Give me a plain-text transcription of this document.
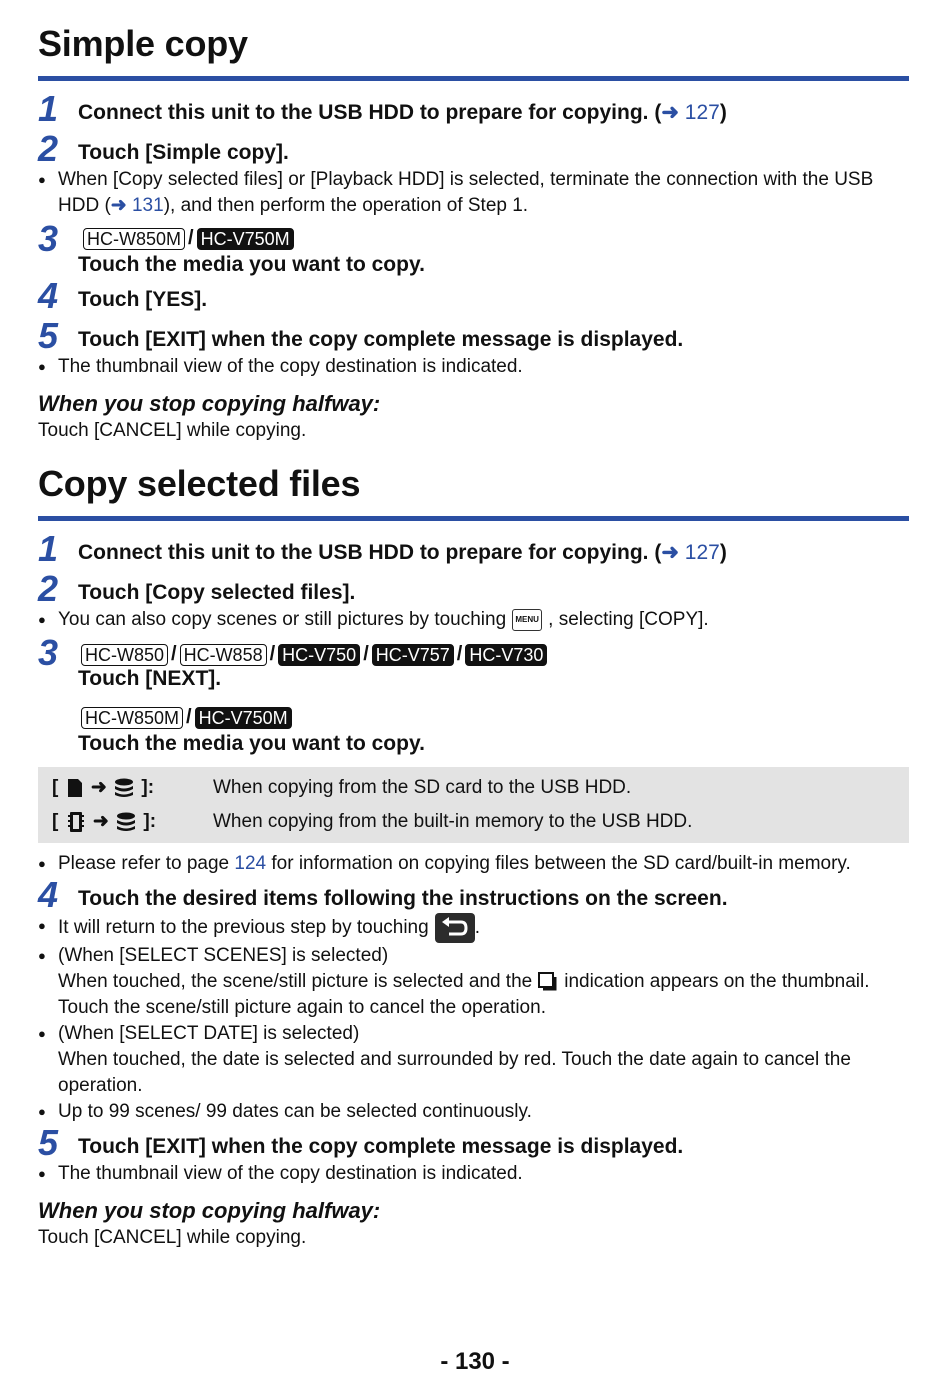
Simple copy
1 Connect this unit to the USB HDD to prepare for copying. (➜ 127)
2 Touch [Simple copy].
● When [Copy selected files] or [Playback HDD] is selected, terminate the connection with the USB HDD (➜ 131), and then perform the operation of Step 1.
3	HC-W850M / HC-V750M
Touch the media you want to copy.
4 Touch [YES].
5 Touch [EXIT] when the copy complete message is displayed.
● The thumbnail view of the copy destination is indicated.
When you stop copying halfway:
Touch [CANCEL] while copying.
Copy selected files
1 Connect this unit to the USB HDD to prepare for copying. (➜ 127)
2 Touch [Copy selected files].
● You can also copy scenes or still pictures by touching MENU , selecting [COPY].
3	HC-W850 / HC-W858 / HC-V750 / HC-V757 / HC-V730
Touch [NEXT].
HC-W850M / HC-V750M
Touch the media you want to copy.
[ ➜ ]:	When copying from the SD card to the USB HDD.
[ ➜ ]:	When copying from the built-in memory to the USB HDD.
● Please refer to page 124 for information on copying files between the SD card/built-in memory.
4 Touch the desired items following the instructions on the screen.
● It will return to the previous step by touching .
● (When [SELECT SCENES] is selected)
When touched, the scene/still picture is selected and the indication appears on the thumbnail. Touch the scene/still picture again to cancel the operation.
● (When [SELECT DATE] is selected)
When touched, the date is selected and surrounded by red. Touch the date again to cancel the operation.
● Up to 99 scenes/ 99 dates can be selected continuously.
5 Touch [EXIT] when the copy complete message is displayed.
● The thumbnail view of the copy destination is indicated.
When you stop copying halfway:
Touch [CANCEL] while copying.
- 130 -
